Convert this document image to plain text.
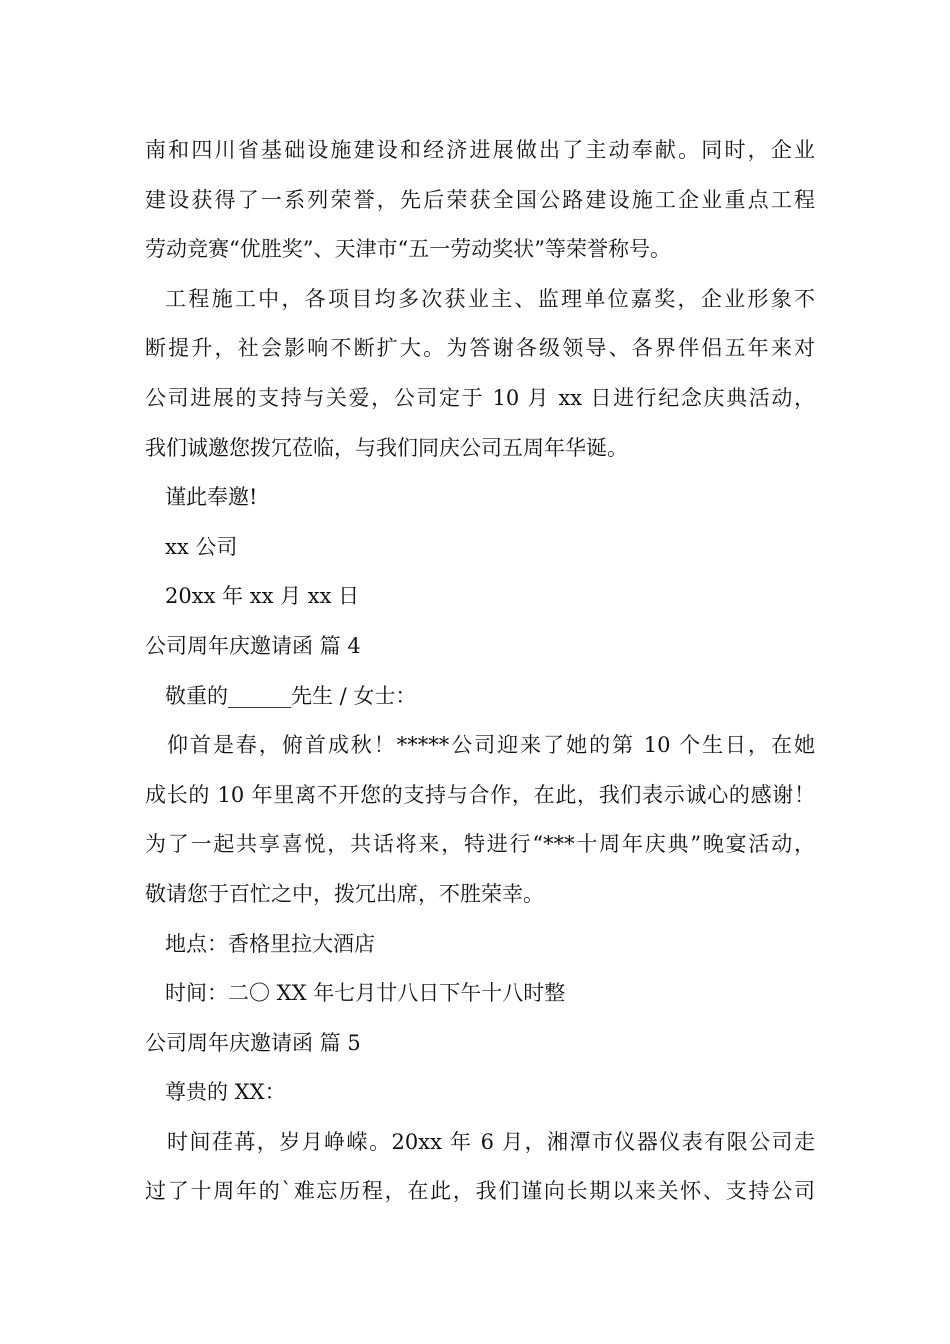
南和四川省基础设施建设和经济进展做出了主动奉献。同时，企业

建设获得了一系列荣誉，先后荣获全国公路建设施工企业重点工程

劳动竞赛“优胜奖”、天津市“五一劳动奖状”等荣誉称号。

工程施工中，各项目均多次获业主、监理单位嘉奖，企业形象不

断提升，社会影响不断扩大。为答谢各级领导、各界伴侣五年来对

公司进展的支持与关爱，公司定于 10 月 xx 日进行纪念庆典活动，

我们诚邀您拨冗莅临，与我们同庆公司五周年华诞。

谨此奉邀!

xx 公司

20xx 年 xx 月 xx 日

公司周年庆邀请函 篇 4

敬重的______先生 / 女士：

仰首是春，俯首成秋！*****公司迎来了她的第 10 个生日，在她

成长的 10 年里离不开您的支持与合作，在此，我们表示诚心的感谢！

为了一起共享喜悦，共话将来，特进行“***十周年庆典”晚宴活动，

敬请您于百忙之中，拨冗出席，不胜荣幸。

地点：香格里拉大酒店

时间：二〇 XX 年七月廿八日下午十八时整

公司周年庆邀请函 篇 5

尊贵的 XX：

时间荏苒，岁月峥嵘。20xx 年 6 月，湘潭市仪器仪表有限公司走

过了十周年的`难忘历程，在此，我们谨向长期以来关怀、支持公司
